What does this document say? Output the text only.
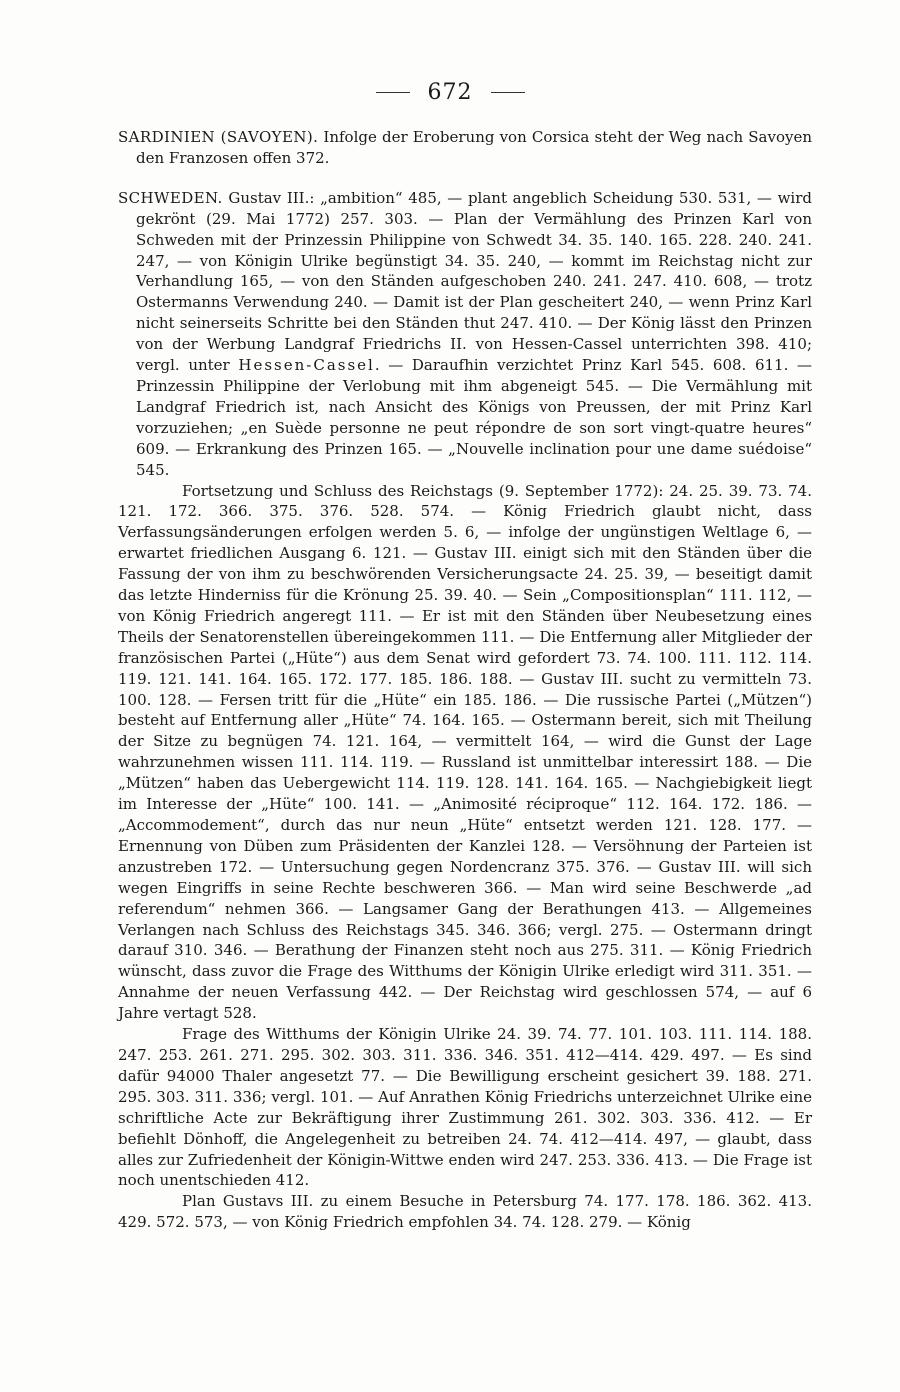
672

SARDINIEN (SAVOYEN). Infolge der Eroberung von Corsica steht der Weg nach Savoyen den Franzosen offen 372.

SCHWEDEN. Gustav III.: „ambition“ 485, — plant angeblich Scheidung 530. 531, — wird gekrönt (29. Mai 1772) 257. 303. — Plan der Vermählung des Prinzen Karl von Schweden mit der Prinzessin Philippine von Schwedt 34. 35. 140. 165. 228. 240. 241. 247, — von Königin Ulrike begünstigt 34. 35. 240, — kommt im Reichstag nicht zur Verhandlung 165, — von den Ständen aufgeschoben 240. 241. 247. 410. 608, — trotz Ostermanns Verwendung 240. — Damit ist der Plan gescheitert 240, — wenn Prinz Karl nicht seinerseits Schritte bei den Ständen thut 247. 410. — Der König lässt den Prinzen von der Werbung Landgraf Friedrichs II. von Hessen-Cassel unterrichten 398. 410; vergl. unter Hessen-Cassel. — Daraufhin verzichtet Prinz Karl 545. 608. 611. — Prinzessin Philippine der Verlobung mit ihm abgeneigt 545. — Die Vermählung mit Landgraf Friedrich ist, nach Ansicht des Königs von Preussen, der mit Prinz Karl vorzuziehen; „en Suède personne ne peut répondre de son sort vingt-quatre heures“ 609. — Erkrankung des Prinzen 165. — „Nouvelle inclination pour une dame suédoise“ 545.

Fortsetzung und Schluss des Reichstags (9. September 1772): 24. 25. 39. 73. 74. 121. 172. 366. 375. 376. 528. 574. — König Friedrich glaubt nicht, dass Verfassungsänderungen erfolgen werden 5. 6, — infolge der ungünstigen Weltlage 6, — erwartet friedlichen Ausgang 6. 121. — Gustav III. einigt sich mit den Ständen über die Fassung der von ihm zu beschwörenden Versicherungsacte 24. 25. 39, — beseitigt damit das letzte Hinderniss für die Krönung 25. 39. 40. — Sein „Compositionsplan“ 111. 112, — von König Friedrich angeregt 111. — Er ist mit den Ständen über Neubesetzung eines Theils der Senatorenstellen übereingekommen 111. — Die Entfernung aller Mitglieder der französischen Partei („Hüte“) aus dem Senat wird gefordert 73. 74. 100. 111. 112. 114. 119. 121. 141. 164. 165. 172. 177. 185. 186. 188. — Gustav III. sucht zu vermitteln 73. 100. 128. — Fersen tritt für die „Hüte“ ein 185. 186. — Die russische Partei („Mützen“) besteht auf Entfernung aller „Hüte“ 74. 164. 165. — Ostermann bereit, sich mit Theilung der Sitze zu begnügen 74. 121. 164, — vermittelt 164, — wird die Gunst der Lage wahrzunehmen wissen 111. 114. 119. — Russland ist unmittelbar interessirt 188. — Die „Mützen“ haben das Uebergewicht 114. 119. 128. 141. 164. 165. — Nachgiebigkeit liegt im Interesse der „Hüte“ 100. 141. — „Animosité réciproque“ 112. 164. 172. 186. — „Accommodement“, durch das nur neun „Hüte“ entsetzt werden 121. 128. 177. — Ernennung von Düben zum Präsidenten der Kanzlei 128. — Versöhnung der Parteien ist anzustreben 172. — Untersuchung gegen Nordencranz 375. 376. — Gustav III. will sich wegen Eingriffs in seine Rechte beschweren 366. — Man wird seine Beschwerde „ad referendum“ nehmen 366. — Langsamer Gang der Berathungen 413. — Allgemeines Verlangen nach Schluss des Reichstags 345. 346. 366; vergl. 275. — Ostermann dringt darauf 310. 346. — Berathung der Finanzen steht noch aus 275. 311. — König Friedrich wünscht, dass zuvor die Frage des Witthums der Königin Ulrike erledigt wird 311. 351. — Annahme der neuen Verfassung 442. — Der Reichstag wird geschlossen 574, — auf 6 Jahre vertagt 528.

Frage des Witthums der Königin Ulrike 24. 39. 74. 77. 101. 103. 111. 114. 188. 247. 253. 261. 271. 295. 302. 303. 311. 336. 346. 351. 412—414. 429. 497. — Es sind dafür 94000 Thaler angesetzt 77. — Die Bewilligung erscheint gesichert 39. 188. 271. 295. 303. 311. 336; vergl. 101. — Auf Anrathen König Friedrichs unterzeichnet Ulrike eine schriftliche Acte zur Bekräftigung ihrer Zustimmung 261. 302. 303. 336. 412. — Er befiehlt Dönhoff, die Angelegenheit zu betreiben 24. 74. 412—414. 497, — glaubt, dass alles zur Zufriedenheit der Königin-Wittwe enden wird 247. 253. 336. 413. — Die Frage ist noch unentschieden 412.

Plan Gustavs III. zu einem Besuche in Petersburg 74. 177. 178. 186. 362. 413. 429. 572. 573, — von König Friedrich empfohlen 34. 74. 128. 279. — König
